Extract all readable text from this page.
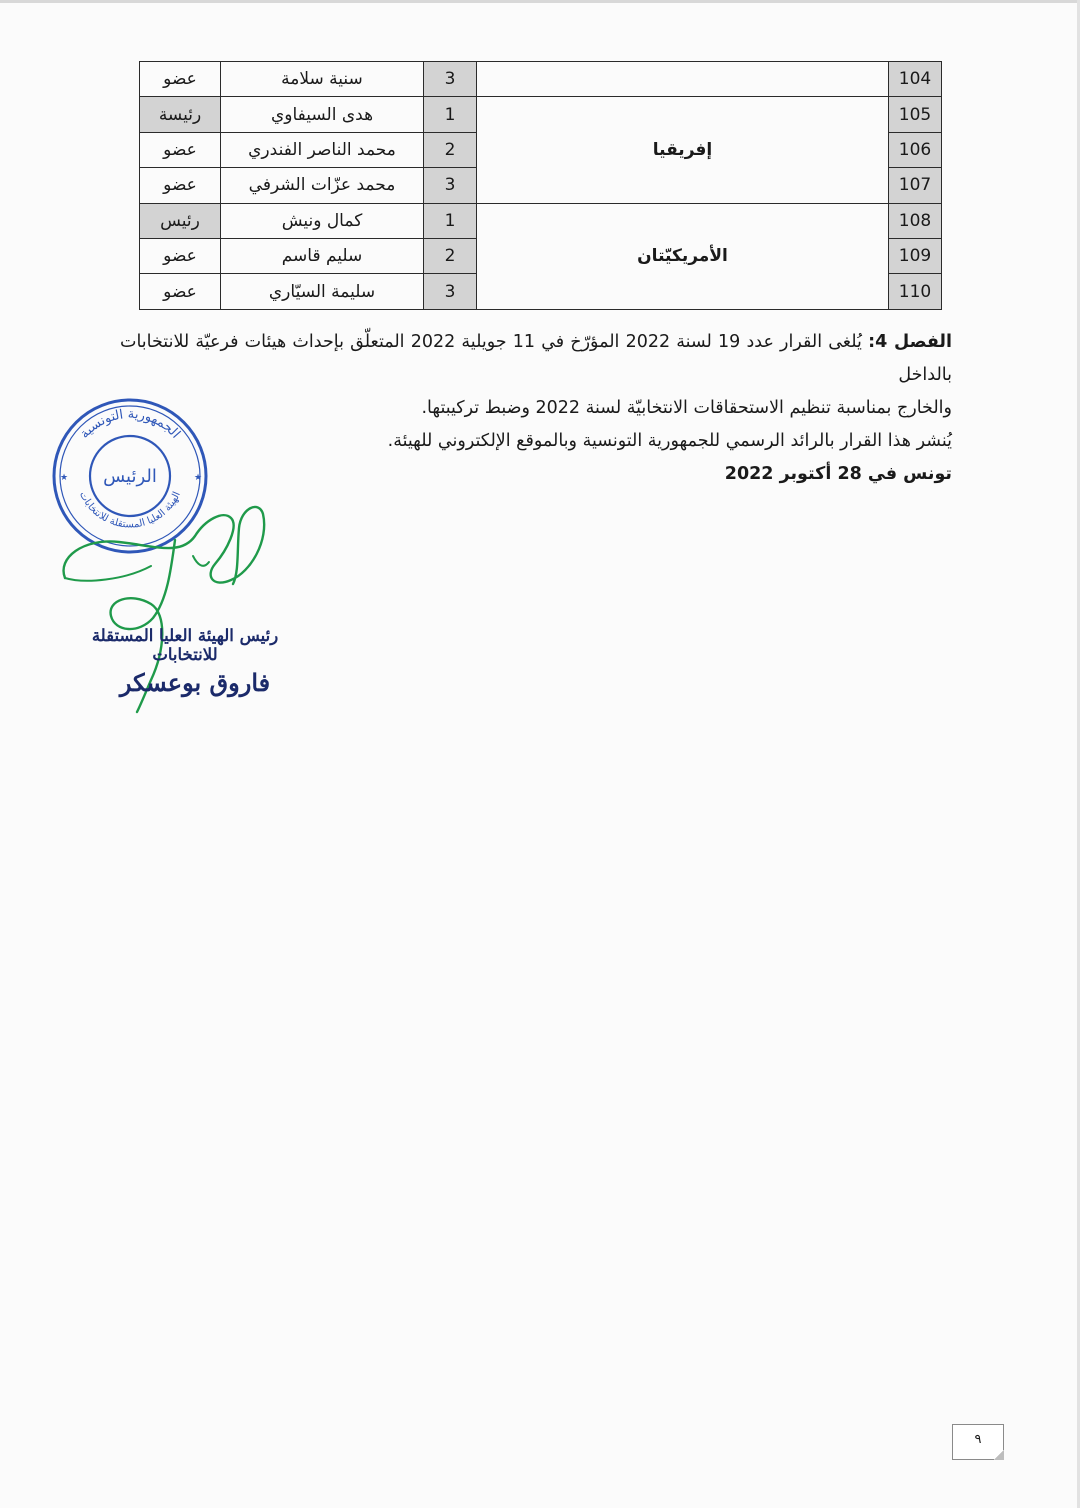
104		3	سنية سلامة	عضو
105	إفريقيا	1	هدى السيفاوي	رئيسة
106		2	محمد الناصر الفندري	عضو
107		3	محمد عزّات الشرفي	عضو
108	الأمريكيّتان	1	كمال ونيش	رئيس
109		2	سليم قاسم	عضو
110		3	سليمة السيّاري	عضو

الفصل 4: يُلغى القرار عدد 19 لسنة 2022 المؤرّخ في 11 جويلية 2022 المتعلّق بإحداث هيئات فرعيّة للانتخابات بالداخل

والخارج بمناسبة تنظيم الاستحقاقات الانتخابيّة لسنة 2022 وضبط تركيبتها.

يُنشر هذا القرار بالرائد الرسمي للجمهورية التونسية وبالموقع الإلكتروني للهيئة.

تونس في 28 أكتوبر 2022

الجمهورية التونسية
الهيئة العليا المستقلة للانتخابات
الرئيس
★	★
رئيس الهيئة العليا المستقلة للانتخابات
فاروق بوعسكر
٩
